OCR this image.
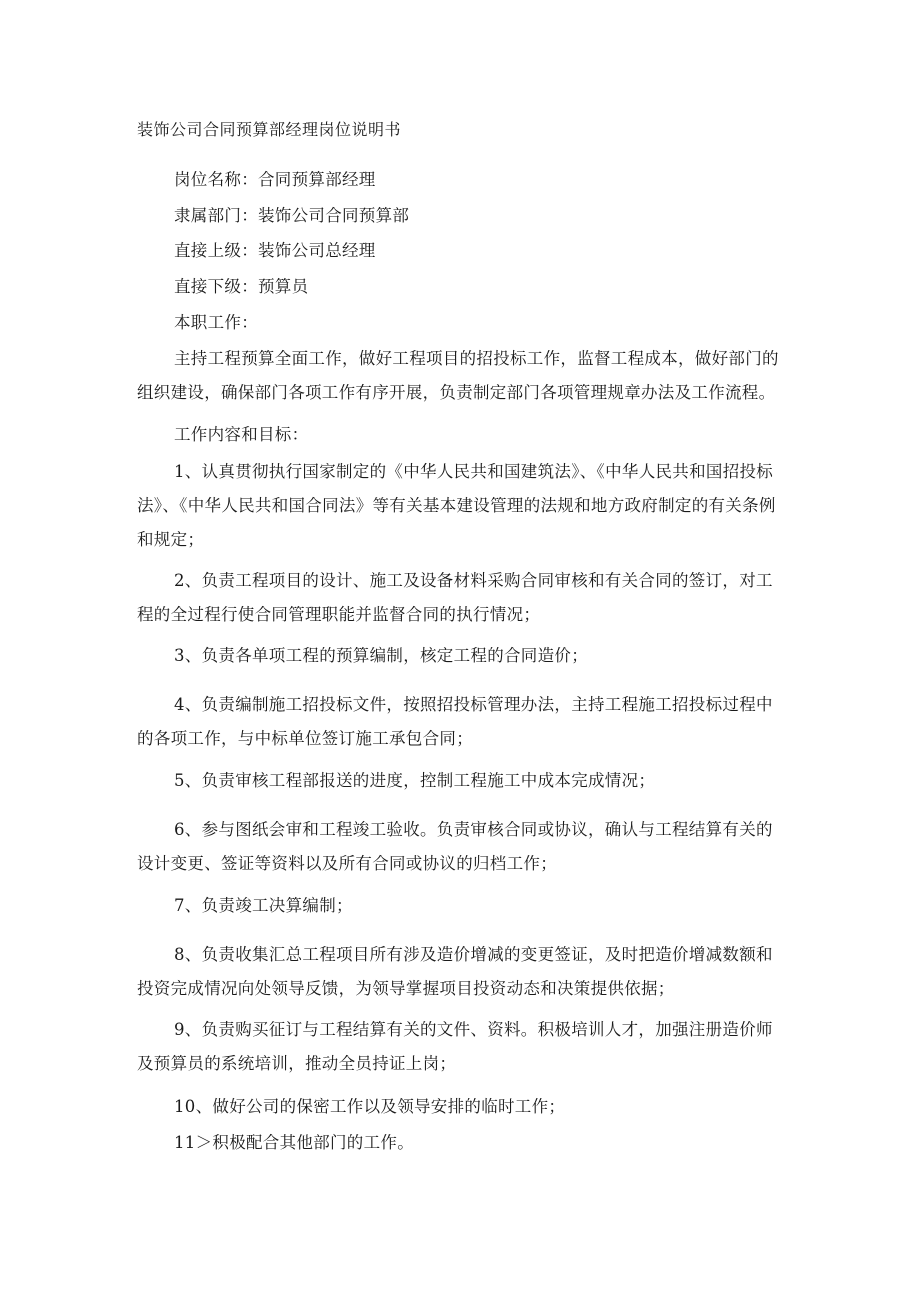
装饰公司合同预算部经理岗位说明书

岗位名称：合同预算部经理

隶属部门：装饰公司合同预算部

直接上级：装饰公司总经理

直接下级：预算员

本职工作：

主持工程预算全面工作，做好工程项目的招投标工作，监督工程成本，做好部门的组织建设，确保部门各项工作有序开展，负责制定部门各项管理规章办法及工作流程。

工作内容和目标：

1、认真贯彻执行国家制定的《中华人民共和国建筑法》、《中华人民共和国招投标法》、《中华人民共和国合同法》等有关基本建设管理的法规和地方政府制定的有关条例和规定；

2、负责工程项目的设计、施工及设备材料采购合同审核和有关合同的签订，对工程的全过程行使合同管理职能并监督合同的执行情况；

3、负责各单项工程的预算编制，核定工程的合同造价；

4、负责编制施工招投标文件，按照招投标管理办法，主持工程施工招投标过程中的各项工作，与中标单位签订施工承包合同；

5、负责审核工程部报送的进度，控制工程施工中成本完成情况；

6、参与图纸会审和工程竣工验收。负责审核合同或协议，确认与工程结算有关的设计变更、签证等资料以及所有合同或协议的归档工作；

7、负责竣工决算编制；

8、负责收集汇总工程项目所有涉及造价增减的变更签证，及时把造价增减数额和投资完成情况向处领导反馈，为领导掌握项目投资动态和决策提供依据；

9、负责购买征订与工程结算有关的文件、资料。积极培训人才，加强注册造价师及预算员的系统培训，推动全员持证上岗；

10、做好公司的保密工作以及领导安排的临时工作；

11＞积极配合其他部门的工作。
